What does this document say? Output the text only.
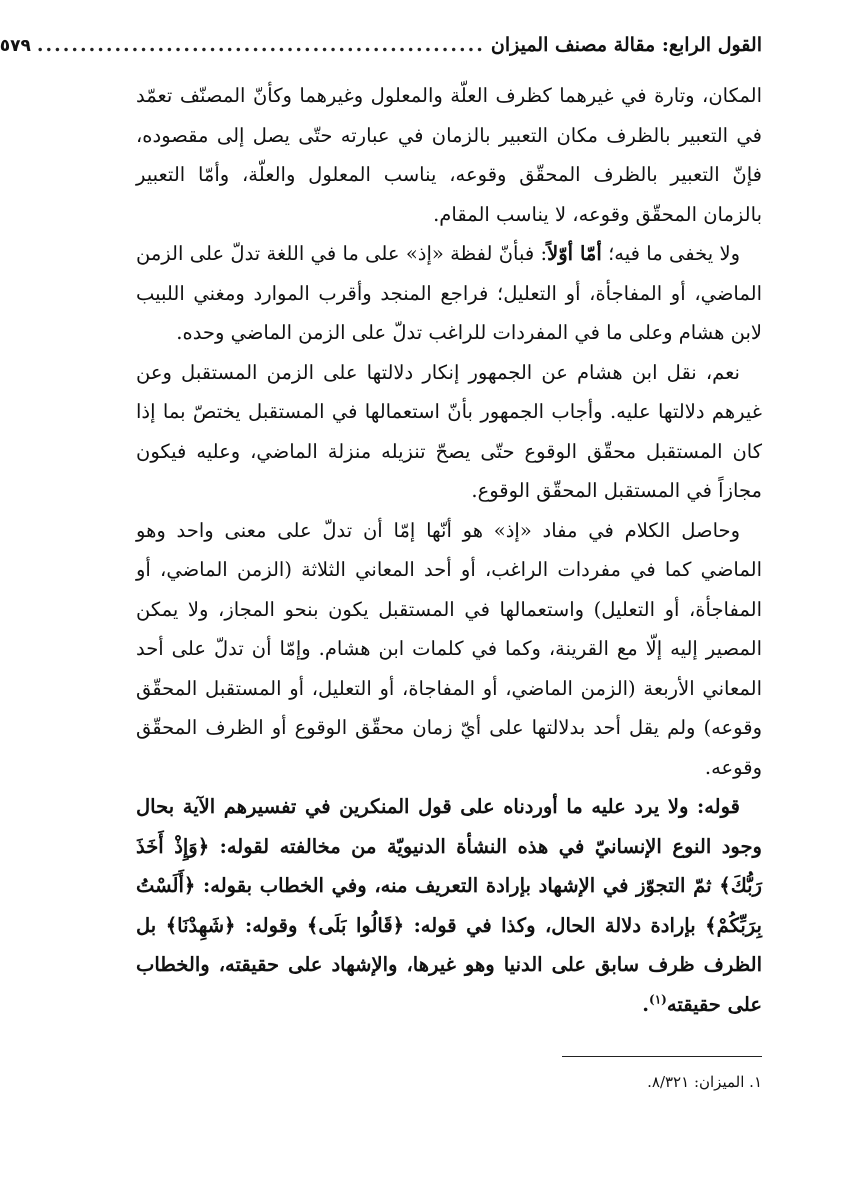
القول الرابع: مقالة مصنف الميزان
....................................................
٥٧٩

المكان، وتارة في غيرهما كظرف العلّة والمعلول وغيرهما وكأنّ المصنّف تعمّد في التعبير بالظرف مكان التعبير بالزمان في عبارته حتّى يصل إلى مقصوده، فإنّ التعبير بالظرف المحقّق وقوعه، يناسب المعلول والعلّة، وأمّا التعبير بالزمان المحقّق وقوعه، لا يناسب المقام.

ولا يخفى ما فيه؛ أمّا أوّلاً: فبأنّ لفظة «إذ» على ما في اللغة تدلّ على الزمن الماضي، أو المفاجأة، أو التعليل؛ فراجع المنجد وأقرب الموارد ومغني اللبيب لابن هشام وعلى ما في المفردات للراغب تدلّ على الزمن الماضي وحده.

نعم، نقل ابن هشام عن الجمهور إنكار دلالتها على الزمن المستقبل وعن غيرهم دلالتها عليه. وأجاب الجمهور بأنّ استعمالها في المستقبل يختصّ بما إذا كان المستقبل محقّق الوقوع حتّى يصحّ تنزيله منزلة الماضي، وعليه فيكون مجازاً في المستقبل المحقّق الوقوع.

وحاصل الكلام في مفاد «إذ» هو أنّها إمّا أن تدلّ على معنى واحد وهو الماضي كما في مفردات الراغب، أو أحد المعاني الثلاثة (الزمن الماضي، أو المفاجأة، أو التعليل) واستعمالها في المستقبل يكون بنحو المجاز، ولا يمكن المصير إليه إلّا مع القرينة، وكما في كلمات ابن هشام. وإمّا أن تدلّ على أحد المعاني الأربعة (الزمن الماضي، أو المفاجاة، أو التعليل، أو المستقبل المحقّق وقوعه) ولم يقل أحد بدلالتها على أيّ زمان محقّق الوقوع أو الظرف المحقّق وقوعه.

قوله: ولا يرد عليه ما أوردناه على قول المنكرين في تفسيرهم الآية بحال وجود النوع الإنسانيّ في هذه النشأة الدنيويّة من مخالفته لقوله: ﴿وَإِذْ أَخَذَ رَبُّكَ﴾ ثمّ التجوّز في الإشهاد بإرادة التعريف منه، وفي الخطاب بقوله: ﴿أَلَسْتُ بِرَبِّكُمْ﴾ بإرادة دلالة الحال، وكذا في قوله: ﴿قَالُوا بَلَى﴾ وقوله: ﴿شَهِدْنَا﴾ بل الظرف ظرف سابق على الدنيا وهو غيرها، والإشهاد على حقيقته، والخطاب على حقيقته$^{(١)}$.

١. الميزان: ٨/٣٢١.
